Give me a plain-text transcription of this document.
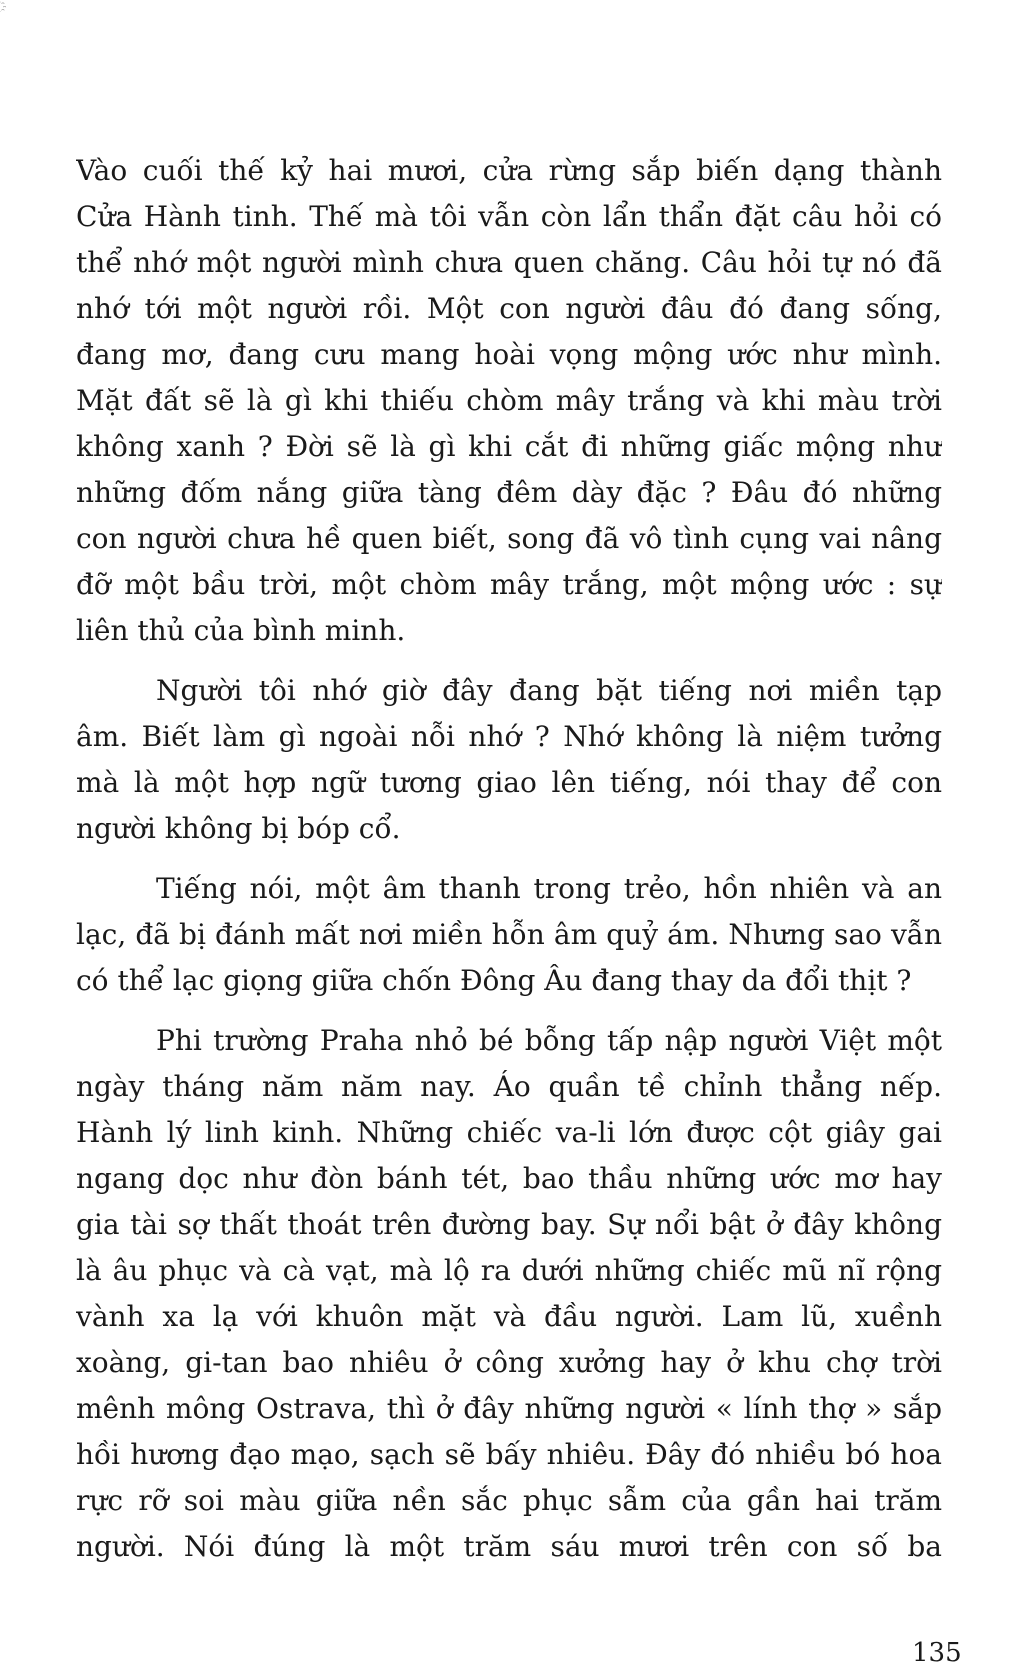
҈

Vào cuối thế kỷ hai mươi, cửa rừng sắp biến dạng thành
Cửa Hành tinh. Thế mà tôi vẫn còn lẩn thẩn đặt câu hỏi có
thể nhớ một người mình chưa quen chăng. Câu hỏi tự nó đã
nhớ tới một người rồi. Một con người đâu đó đang sống,
đang mơ, đang cưu mang hoài vọng mộng ước như mình.
Mặt đất sẽ là gì khi thiếu chòm mây trắng và khi màu trời
không xanh ? Đời sẽ là gì khi cắt đi những giấc mộng như
những đốm nắng giữa tàng đêm dày đặc ? Đâu đó những
con người chưa hề quen biết, song đã vô tình cụng vai nâng
đỡ một bầu trời, một chòm mây trắng, một mộng ước : sự
liên thủ của bình minh.

Người tôi nhớ giờ đây đang bặt tiếng nơi miền tạp
âm. Biết làm gì ngoài nỗi nhớ ? Nhớ không là niệm tưởng
mà là một hợp ngữ tương giao lên tiếng, nói thay để con
người không bị bóp cổ.

Tiếng nói, một âm thanh trong trẻo, hồn nhiên và an
lạc, đã bị đánh mất nơi miền hỗn âm quỷ ám. Nhưng sao vẫn
có thể lạc giọng giữa chốn Đông Âu đang thay da đổi thịt ?

Phi trường Praha nhỏ bé bỗng tấp nập người Việt một
ngày tháng năm năm nay. Áo quần tề chỉnh thẳng nếp.
Hành lý linh kinh. Những chiếc va-li lớn được cột giây gai
ngang dọc như đòn bánh tét, bao thầu những ước mơ hay
gia tài sợ thất thoát trên đường bay. Sự nổi bật ở đây không
là âu phục và cà vạt, mà lộ ra dưới những chiếc mũ nĩ rộng
vành xa lạ với khuôn mặt và đầu người. Lam lũ, xuềnh
xoàng, gi-tan bao nhiêu ở công xưởng hay ở khu chợ trời
mênh mông Ostrava, thì ở đây những người « lính thợ » sắp
hồi hương đạo mạo, sạch sẽ bấy nhiêu. Đây đó nhiều bó hoa
rực rỡ soi màu giữa nền sắc phục sẫm của gần hai trăm
người. Nói đúng là một trăm sáu mươi trên con số ba

135
